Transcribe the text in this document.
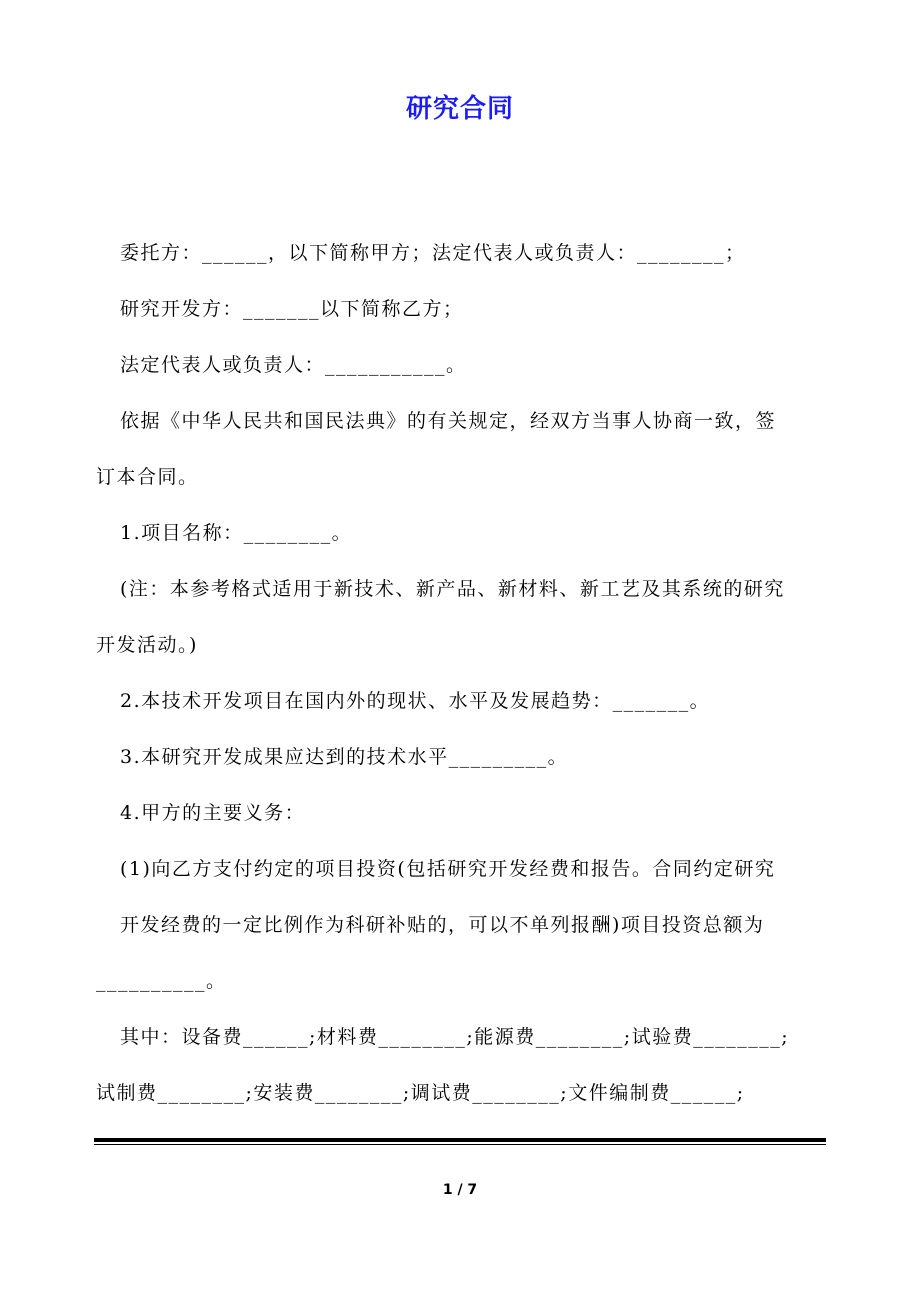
研究合同

委托方：______，以下简称甲方；法定代表人或负责人：________；

研究开发方：_______以下简称乙方；

法定代表人或负责人：___________。

依据《中华人民共和国民法典》的有关规定，经双方当事人协商一致，签

订本合同。

1.项目名称：________。

(注：本参考格式适用于新技术、新产品、新材料、新工艺及其系统的研究

开发活动。)

2.本技术开发项目在国内外的现状、水平及发展趋势：_______。

3.本研究开发成果应达到的技术水平_________。

4.甲方的主要义务：

(1)向乙方支付约定的项目投资(包括研究开发经费和报告。合同约定研究

开发经费的一定比例作为科研补贴的，可以不单列报酬)项目投资总额为

__________。

其中：设备费______;材料费________;能源费________;试验费________;

试制费________;安装费________;调试费________;文件编制费______;

1 / 7
